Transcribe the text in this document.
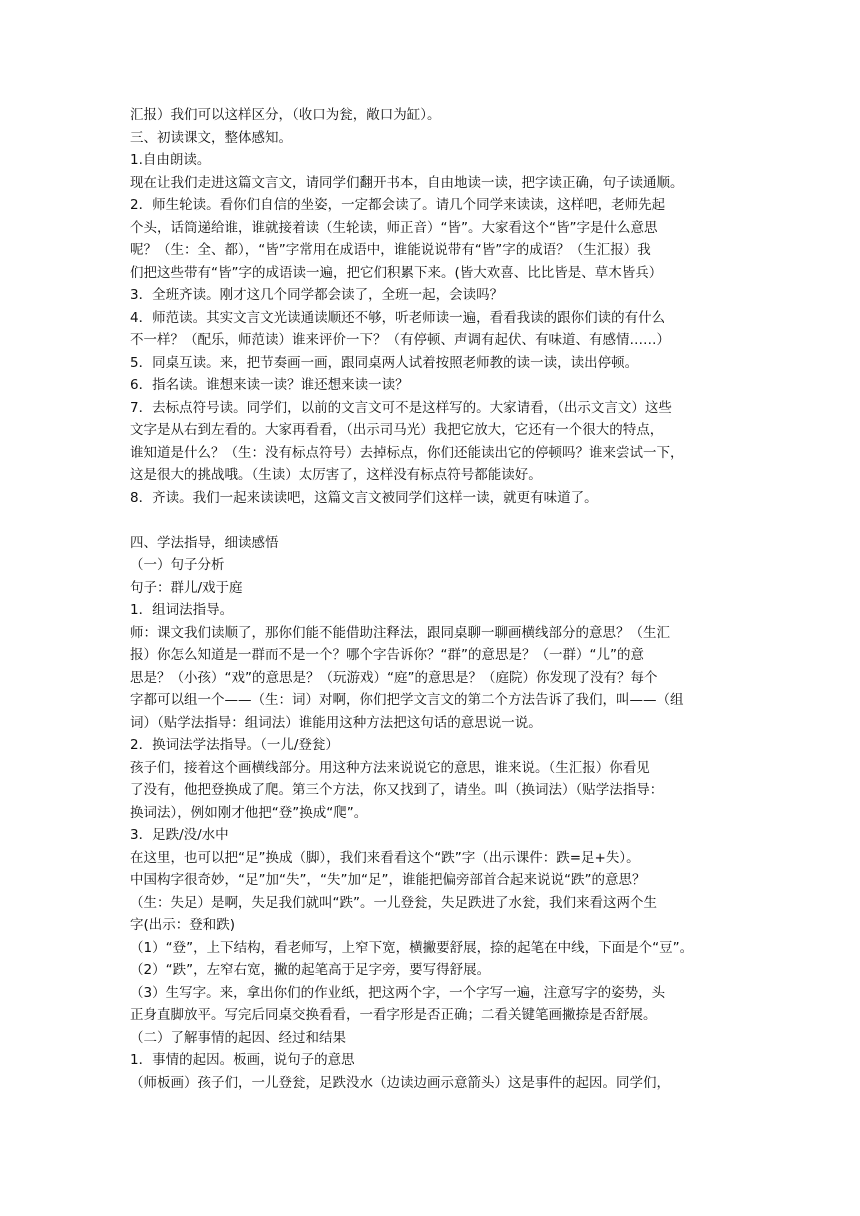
汇报）我们可以这样区分，（收口为瓮，敞口为缸）。
三、初读课文，整体感知。
1.自由朗读。
现在让我们走进这篇文言文，请同学们翻开书本，自由地读一读，把字读正确，句子读通顺。
2．师生轮读。看你们自信的坐姿，一定都会读了。请几个同学来读读，这样吧，老师先起
个头，话筒递给谁，谁就接着读（生轮读，师正音）“皆”。大家看这个“皆”字是什么意思
呢？（生：全、都），“皆”字常用在成语中，谁能说说带有“皆”字的成语？（生汇报）我
们把这些带有“皆”字的成语读一遍，把它们积累下来。(皆大欢喜、比比皆是、草木皆兵）
3．全班齐读。刚才这几个同学都会读了，全班一起，会读吗？
4．师范读。其实文言文光读通读顺还不够，听老师读一遍，看看我读的跟你们读的有什么
不一样？（配乐，师范读）谁来评价一下？（有停顿、声调有起伏、有味道、有感情……）
5．同桌互读。来，把节奏画一画，跟同桌两人试着按照老师教的读一读，读出停顿。
6．指名读。谁想来读一读？谁还想来读一读？
7．去标点符号读。同学们，以前的文言文可不是这样写的。大家请看，（出示文言文）这些
文字是从右到左看的。大家再看看，（出示司马光）我把它放大，它还有一个很大的特点，
谁知道是什么？（生：没有标点符号）去掉标点，你们还能读出它的停顿吗？谁来尝试一下，
这是很大的挑战哦。（生读）太厉害了，这样没有标点符号都能读好。
8．齐读。我们一起来读读吧，这篇文言文被同学们这样一读，就更有味道了。
四、学法指导，细读感悟
（一）句子分析
句子：群儿/戏于庭
1．组词法指导。
师：课文我们读顺了，那你们能不能借助注释法，跟同桌聊一聊画横线部分的意思？（生汇
报）你怎么知道是一群而不是一个？哪个字告诉你？“群”的意思是？（一群）“儿”的意
思是？（小孩）“戏”的意思是？（玩游戏）“庭”的意思是？（庭院）你发现了没有？每个
字都可以组一个——（生：词）对啊，你们把学文言文的第二个方法告诉了我们，叫——（组
词）（贴学法指导：组词法）谁能用这种方法把这句话的意思说一说。
2．换词法学法指导。（一儿/登瓮）
孩子们，接着这个画横线部分。用这种方法来说说它的意思，谁来说。（生汇报）你看见
了没有，他把登换成了爬。第三个方法，你又找到了，请坐。叫（换词法）（贴学法指导：
换词法），例如刚才他把“登”换成“爬”。
3．足跌/没/水中
在这里，也可以把“足”换成（脚），我们来看看这个“跌”字（出示课件：跌=足+失）。
中国构字很奇妙，“足”加“失”，“失”加“足”，谁能把偏旁部首合起来说说“跌”的意思？
（生：失足）是啊，失足我们就叫“跌”。一儿登瓮，失足跌进了水瓮，我们来看这两个生
字(出示：登和跌)
（1）“登”，上下结构，看老师写，上窄下宽，横撇要舒展，捺的起笔在中线，下面是个“豆”。
（2）“跌”，左窄右宽，撇的起笔高于足字旁，要写得舒展。
（3）生写字。来，拿出你们的作业纸，把这两个字，一个字写一遍，注意写字的姿势，头
正身直脚放平。写完后同桌交换看看，一看字形是否正确；二看关键笔画撇捺是否舒展。
（二）了解事情的起因、经过和结果
1．事情的起因。板画，说句子的意思
（师板画）孩子们，一儿登瓮，足跌没水（边读边画示意箭头）这是事件的起因。同学们，
